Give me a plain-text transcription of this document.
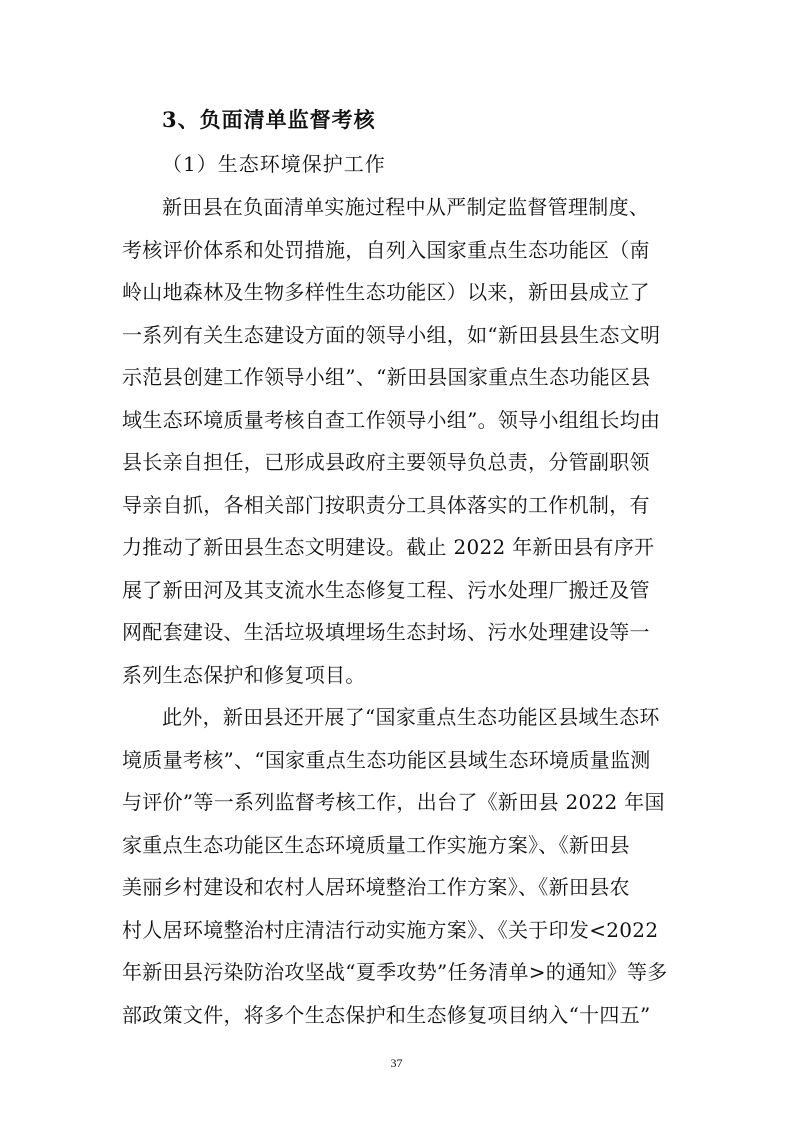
3、负面清单监督考核
（1）生态环境保护工作
新田县在负面清单实施过程中从严制定监督管理制度、
考核评价体系和处罚措施，自列入国家重点生态功能区（南
岭山地森林及生物多样性生态功能区）以来，新田县成立了
一系列有关生态建设方面的领导小组，如“新田县县生态文明
示范县创建工作领导小组”、“新田县国家重点生态功能区县
域生态环境质量考核自查工作领导小组”。领导小组组长均由
县长亲自担任，已形成县政府主要领导负总责，分管副职领
导亲自抓，各相关部门按职责分工具体落实的工作机制，有
力推动了新田县生态文明建设。截止 2022 年新田县有序开
展了新田河及其支流水生态修复工程、污水处理厂搬迁及管
网配套建设、生活垃圾填埋场生态封场、污水处理建设等一
系列生态保护和修复项目。
此外，新田县还开展了“国家重点生态功能区县域生态环
境质量考核”、“国家重点生态功能区县域生态环境质量监测
与评价”等一系列监督考核工作，出台了《新田县 2022 年国
家重点生态功能区生态环境质量工作实施方案》、《新田县
美丽乡村建设和农村人居环境整治工作方案》、《新田县农
村人居环境整治村庄清洁行动实施方案》、《关于印发<2022
年新田县污染防治攻坚战“夏季攻势”任务清单>的通知》等多
37
部政策文件，将多个生态保护和生态修复项目纳入“十四五”
